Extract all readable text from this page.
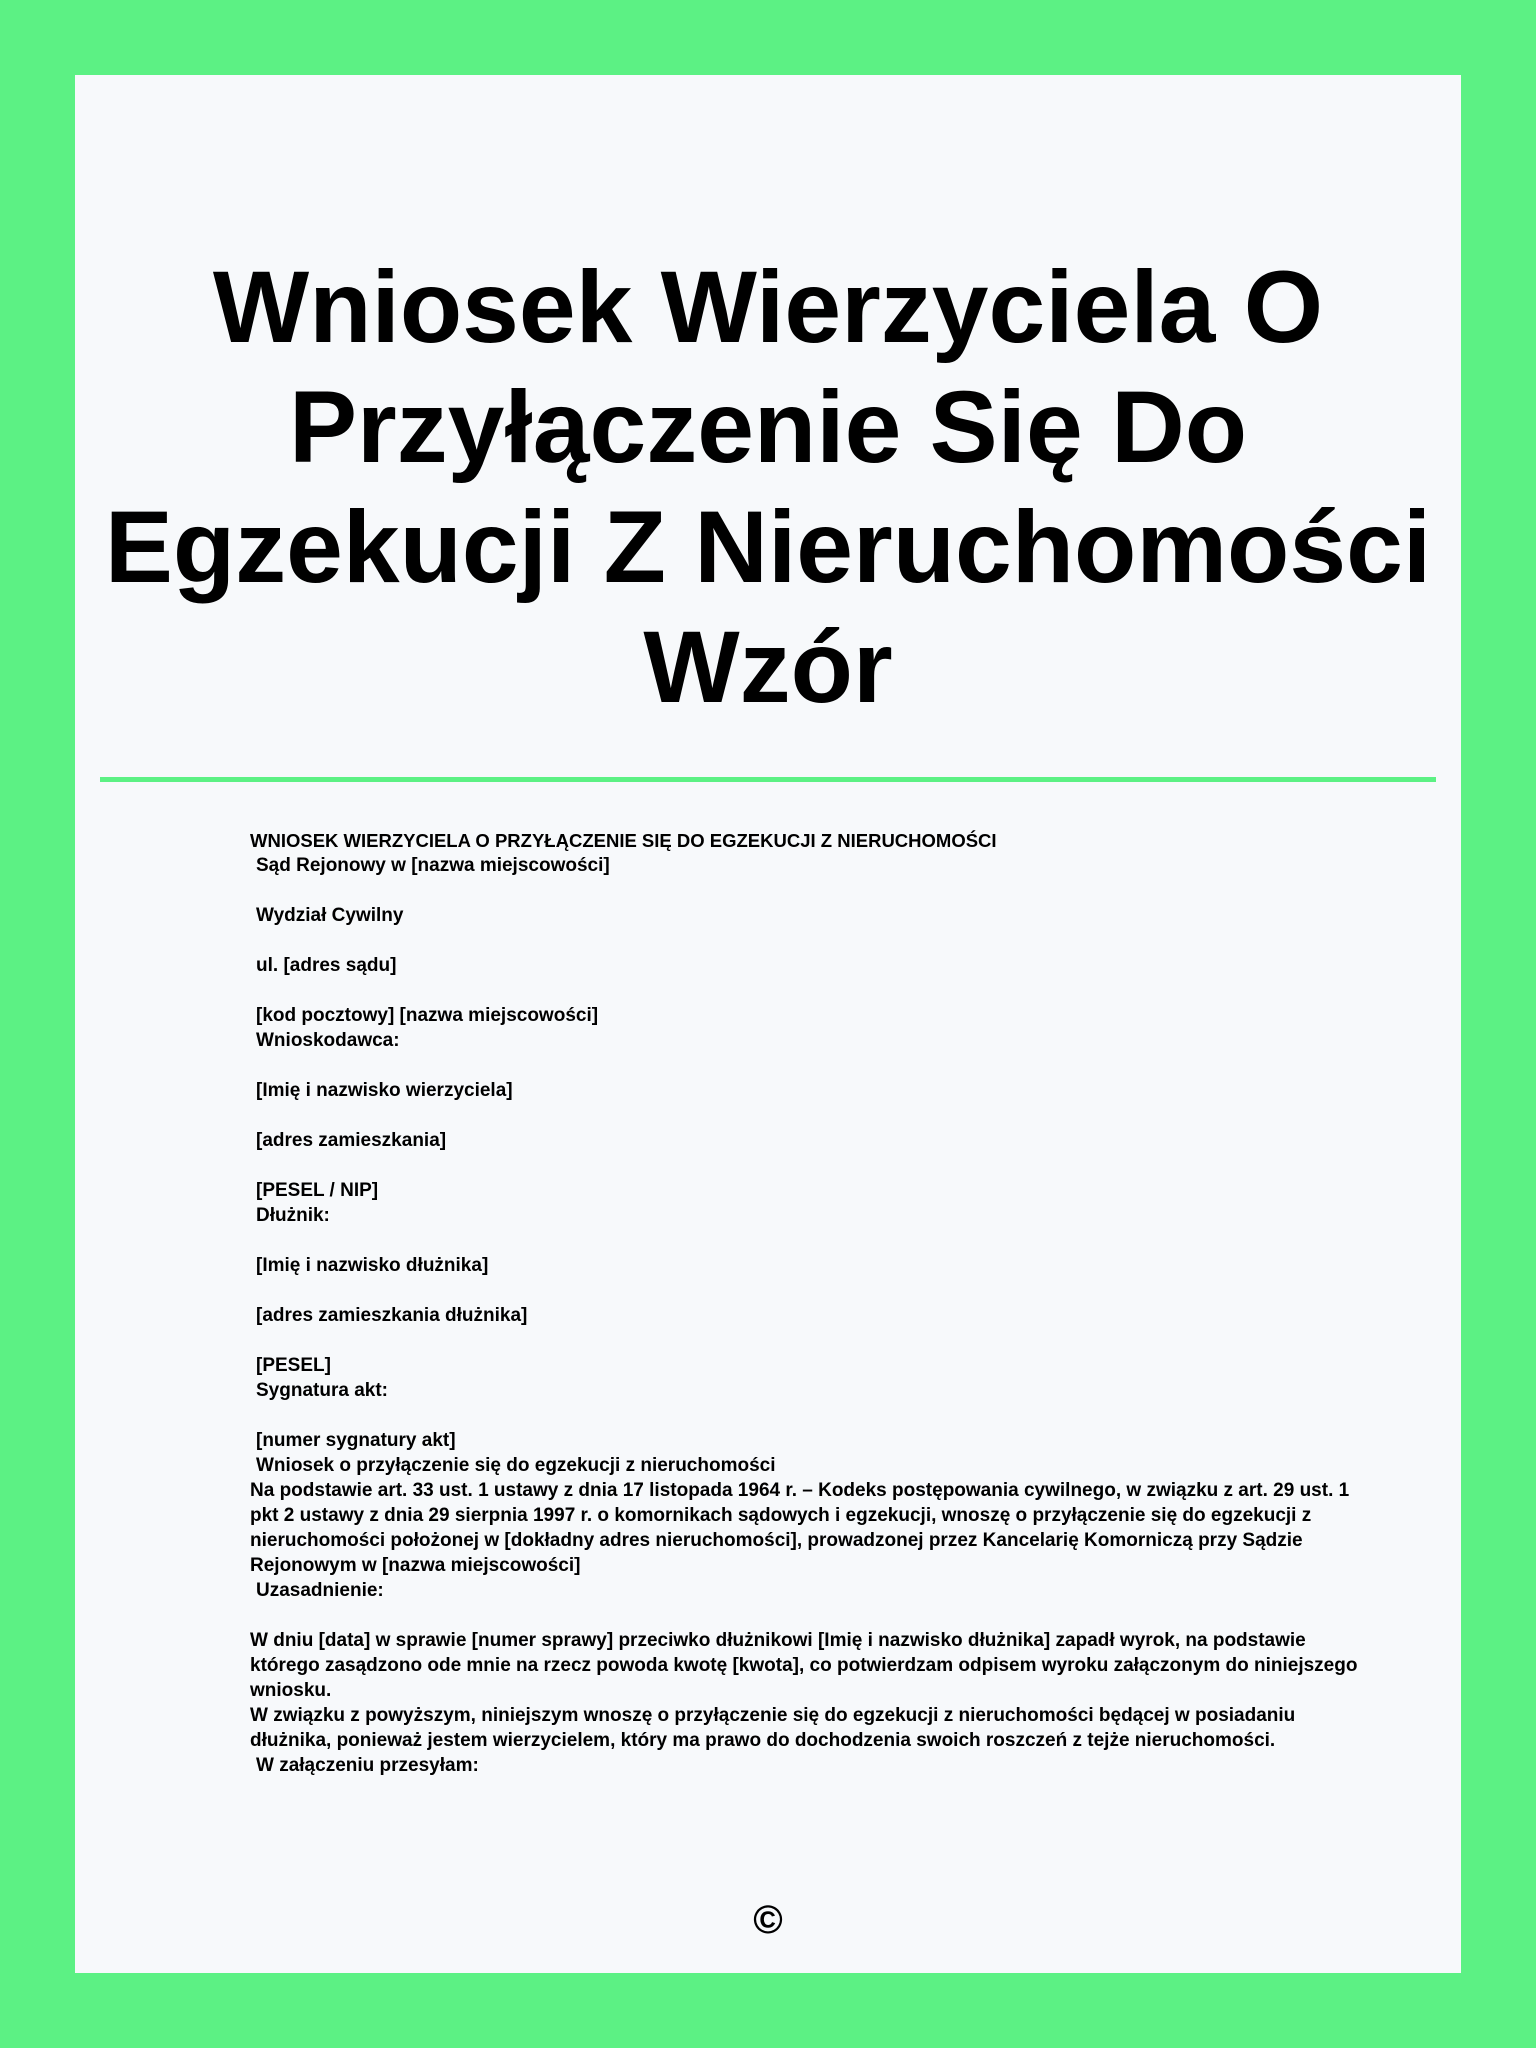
Wniosek Wierzyciela O Przyłączenie Się Do Egzekucji Z Nieruchomości Wzór

WNIOSEK WIERZYCIELA O PRZYŁĄCZENIE SIĘ DO EGZEKUCJI Z NIERUCHOMOŚCI

Sąd Rejonowy w [nazwa miejscowości]

Wydział Cywilny

ul. [adres sądu]

[kod pocztowy] [nazwa miejscowości]

Wnioskodawca:

[Imię i nazwisko wierzyciela]

[adres zamieszkania]

[PESEL / NIP]

Dłużnik:

[Imię i nazwisko dłużnika]

[adres zamieszkania dłużnika]

[PESEL]

Sygnatura akt:

[numer sygnatury akt]

Wniosek o przyłączenie się do egzekucji z nieruchomości

Na podstawie art. 33 ust. 1 ustawy z dnia 17 listopada 1964 r. – Kodeks postępowania cywilnego, w związku z art. 29 ust. 1 pkt 2 ustawy z dnia 29 sierpnia 1997 r. o komornikach sądowych i egzekucji, wnoszę o przyłączenie się do egzekucji z nieruchomości położonej w [dokładny adres nieruchomości], prowadzonej przez Kancelarię Komorniczą przy Sądzie Rejonowym w [nazwa miejscowości]

Uzasadnienie:

W dniu [data] w sprawie [numer sprawy] przeciwko dłużnikowi [Imię i nazwisko dłużnika] zapadł wyrok, na podstawie którego zasądzono ode mnie na rzecz powoda kwotę [kwota], co potwierdzam odpisem wyroku załączonym do niniejszego wniosku.

W związku z powyższym, niniejszym wnoszę o przyłączenie się do egzekucji z nieruchomości będącej w posiadaniu dłużnika, ponieważ jestem wierzycielem, który ma prawo do dochodzenia swoich roszczeń z tejże nieruchomości.

W załączeniu przesyłam:

©
